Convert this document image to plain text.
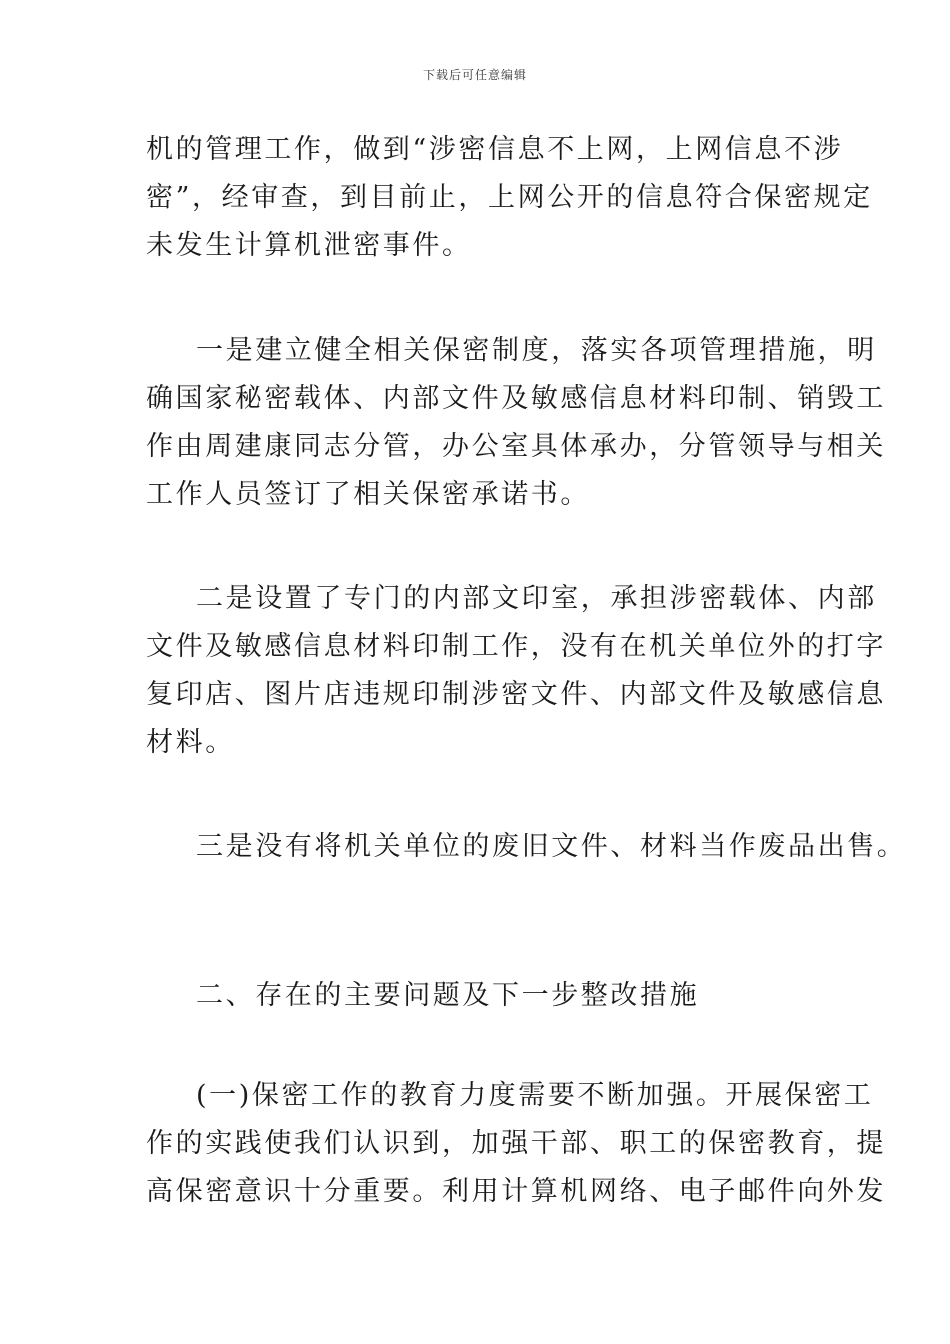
下载后可任意编辑
机的管理工作，做到“涉密信息不上网，上网信息不涉
密”，经审查，到目前止，上网公开的信息符合保密规定
未发生计算机泄密事件。
一是建立健全相关保密制度，落实各项管理措施，明
确国家秘密载体、内部文件及敏感信息材料印制、销毁工
作由周建康同志分管，办公室具体承办，分管领导与相关
工作人员签订了相关保密承诺书。
二是设置了专门的内部文印室，承担涉密载体、内部
文件及敏感信息材料印制工作，没有在机关单位外的打字
复印店、图片店违规印制涉密文件、内部文件及敏感信息
材料。
三是没有将机关单位的废旧文件、材料当作废品出售。
二、存在的主要问题及下一步整改措施
(一)保密工作的教育力度需要不断加强。开展保密工
作的实践使我们认识到，加强干部、职工的保密教育，提
高保密意识十分重要。利用计算机网络、电子邮件向外发
